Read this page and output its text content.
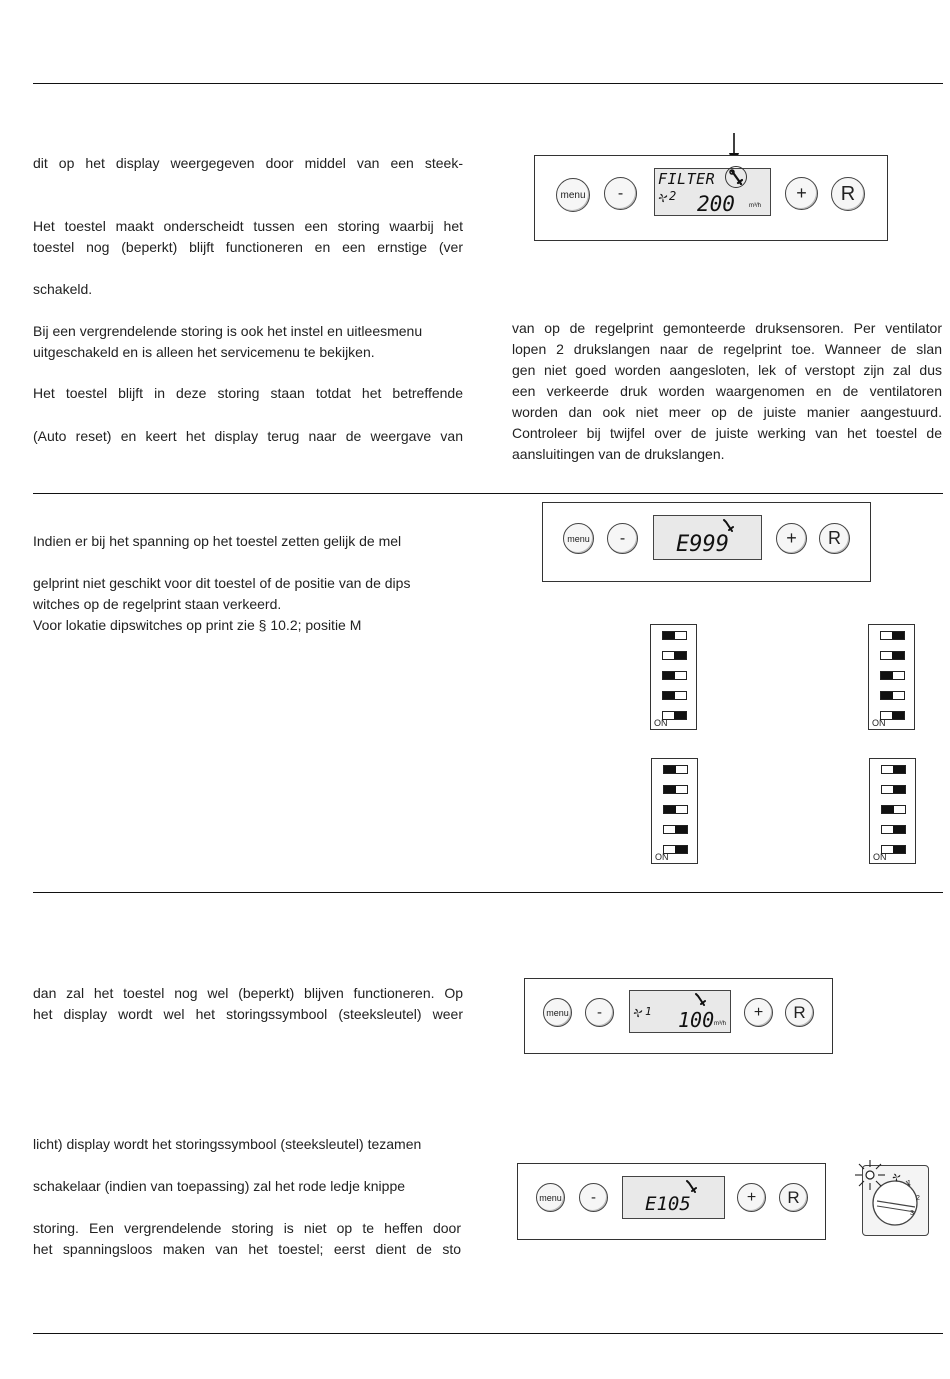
dit op het display weergegeven door middel van een steek-
Het toestel maakt onderscheidt tussen een storing waarbij het
toestel nog (beperkt) blijft functioneren en een ernstige (ver
schakeld.
Bij een vergrendelende storing is ook het instel en uitleesmenu
uitgeschakeld en is alleen het servicemenu te bekijken.
Het toestel blijft in deze storing staan totdat het betreffende
(Auto reset) en keert het display terug naar de weergave van
van op de regelprint gemonteerde druksensoren. Per ventilator
lopen 2 drukslangen naar de regelprint toe. Wanneer de slan
gen niet goed worden aangesloten, lek of verstopt zijn zal dus
een verkeerde druk worden waargenomen en de ventilatoren
worden dan ook niet meer op de juiste manier aangestuurd.
Controleer bij twijfel over de juiste werking van het toestel de
aansluitingen van de drukslangen.
menu	-
FILTER
2 200 m³/h
+	R
Indien er bij het spanning op het toestel zetten gelijk de mel
gelprint niet geschikt voor dit toestel of de positie van de dips
witches op de regelprint staan verkeerd.
Voor lokatie dipswitches op print zie § 10.2; positie M
menu	-	E999	+	R
ON	ON
ON	ON
dan zal het toestel nog wel (beperkt) blijven functioneren. Op
het display wordt wel het storingssymbool (steeksleutel) weer	menu	-	1 100 m³/h
+	R
licht) display wordt het storingssymbool (steeksleutel) tezamen
schakelaar (indien van toepassing) zal het rode ledje knippe
storing. Een vergrendelende storing is niet op te heffen door
het spanningsloos maken van het toestel; eerst dient de sto
menu	-	E105	+	R
1
2
3
